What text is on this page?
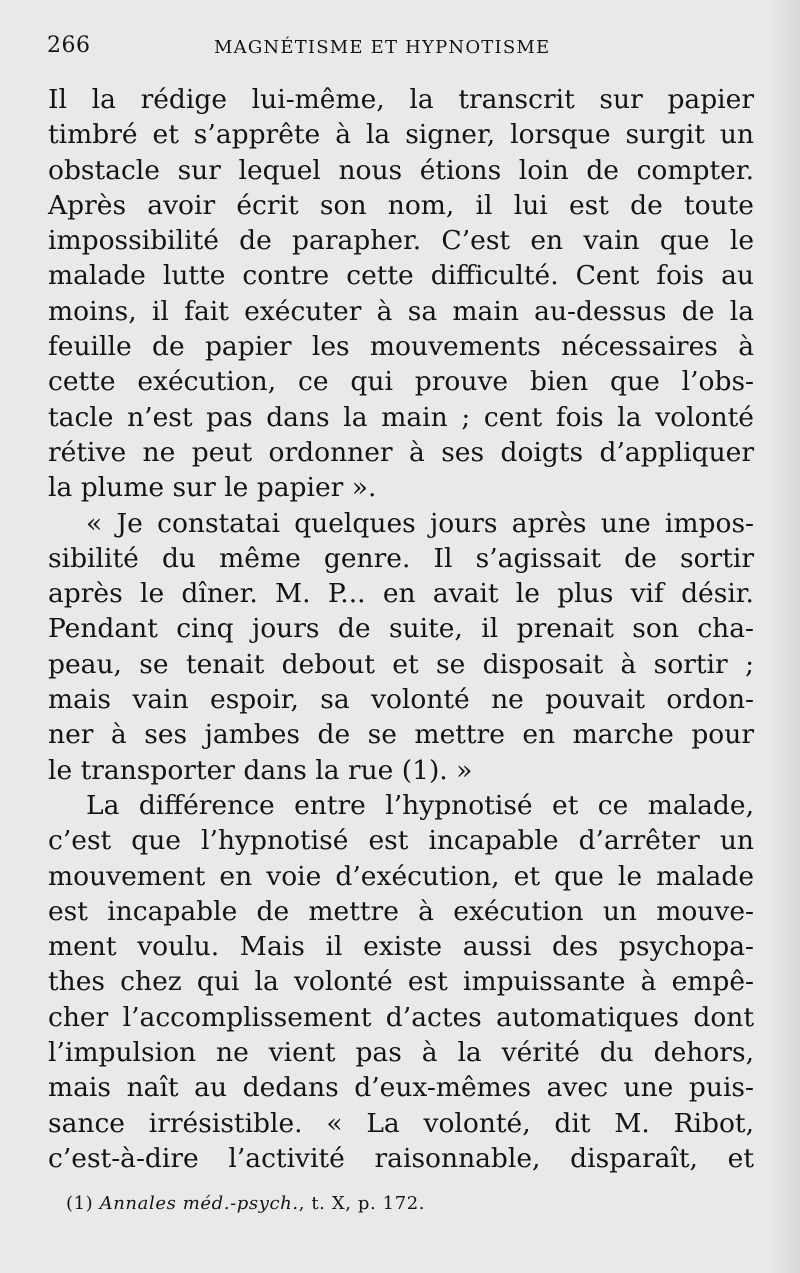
266	MAGNÉTISME ET HYPNOTISME
Il la rédige lui-même, la transcrit sur papier
timbré et s’apprête à la signer, lorsque surgit un
obstacle sur lequel nous étions loin de compter.
Après avoir écrit son nom, il lui est de toute
impossibilité de parapher. C’est en vain que le
malade lutte contre cette difficulté. Cent fois au
moins, il fait exécuter à sa main au-dessus de la
feuille de papier les mouvements nécessaires à
cette exécution, ce qui prouve bien que l’obs-
tacle n’est pas dans la main ; cent fois la volonté
rétive ne peut ordonner à ses doigts d’appliquer
la plume sur le papier ».
« Je constatai quelques jours après une impos-
sibilité du même genre. Il s’agissait de sortir
après le dîner. M. P... en avait le plus vif désir.
Pendant cinq jours de suite, il prenait son cha-
peau, se tenait debout et se disposait à sortir ;
mais vain espoir, sa volonté ne pouvait ordon-
ner à ses jambes de se mettre en marche pour
le transporter dans la rue (1). »
La différence entre l’hypnotisé et ce malade,
c’est que l’hypnotisé est incapable d’arrêter un
mouvement en voie d’exécution, et que le malade
est incapable de mettre à exécution un mouve-
ment voulu. Mais il existe aussi des psychopa-
thes chez qui la volonté est impuissante à empê-
cher l’accomplissement d’actes automatiques dont
l’impulsion ne vient pas à la vérité du dehors,
mais naît au dedans d’eux-mêmes avec une puis-
sance irrésistible. « La volonté, dit M. Ribot,
c’est-à-dire l’activité raisonnable, disparaît, et
(1) Annales méd.-psych., t. X, p. 172.
